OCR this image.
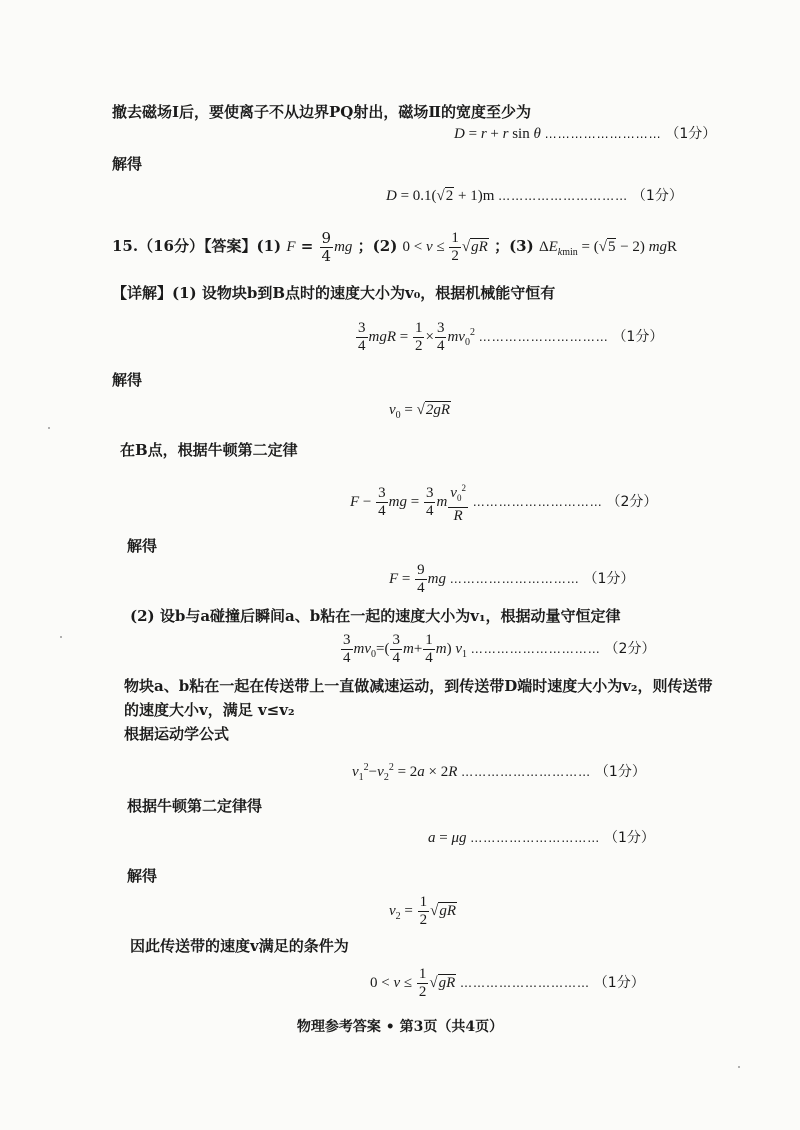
撤去磁场Ⅰ后，要使离子不从边界PQ射出，磁场Ⅱ的宽度至少为
D = r + r sin θ ……………………… （1分）
解得
D = 0.1(√2 + 1)m ………………………… （1分）
15.（16分）【答案】(1) $F = \frac{9}{4}$ mg ；(2) $0 < v \le \frac{1}{2} √gR$ ；(3) $\Delta E_{kmin} = (√5 - 2)$ mgR
【详解】(1) 设物块b到B点时的速度大小为v₀，根据机械能守恒有
$\frac{3}{4}$ mgR = $\frac{1}{2} \times \frac{3}{4} mv_0^2$ ………………………… （1分）
解得
$v_0 = √2gR$
在B点，根据牛顿第二定律
$F - \frac{3}{4}$ mg = $\frac{3}{4}$ m $\frac{v_0^2}{R}$ ………………………… （2分）
解得
$F = \frac{9}{4}$ mg ………………………… （1分）
(2) 设b与a碰撞后瞬间a、b粘在一起的速度大小为v₁，根据动量守恒定律
$\frac{3}{4} mv_0=( \frac{3}{4} m+ \frac{1}{4} m)$ $v_1$ ………………………… （2分）
物块a、b粘在一起在传送带上一直做减速运动，到传送带D端时速度大小为v₂，则传送带
的速度大小v，满足 v≤v₂
根据运动学公式
$v_1^2-v_2^2 = 2a \times 2R$ ………………………… （1分）
根据牛顿第二定律得
a = μg ………………………… （1分）
解得
$v_2 = \frac{1}{2} √gR$
因此传送带的速度v满足的条件为
$0 < v \le \frac{1}{2} √gR$ ………………………… （1分）
物理参考答案 • 第3页（共4页）
